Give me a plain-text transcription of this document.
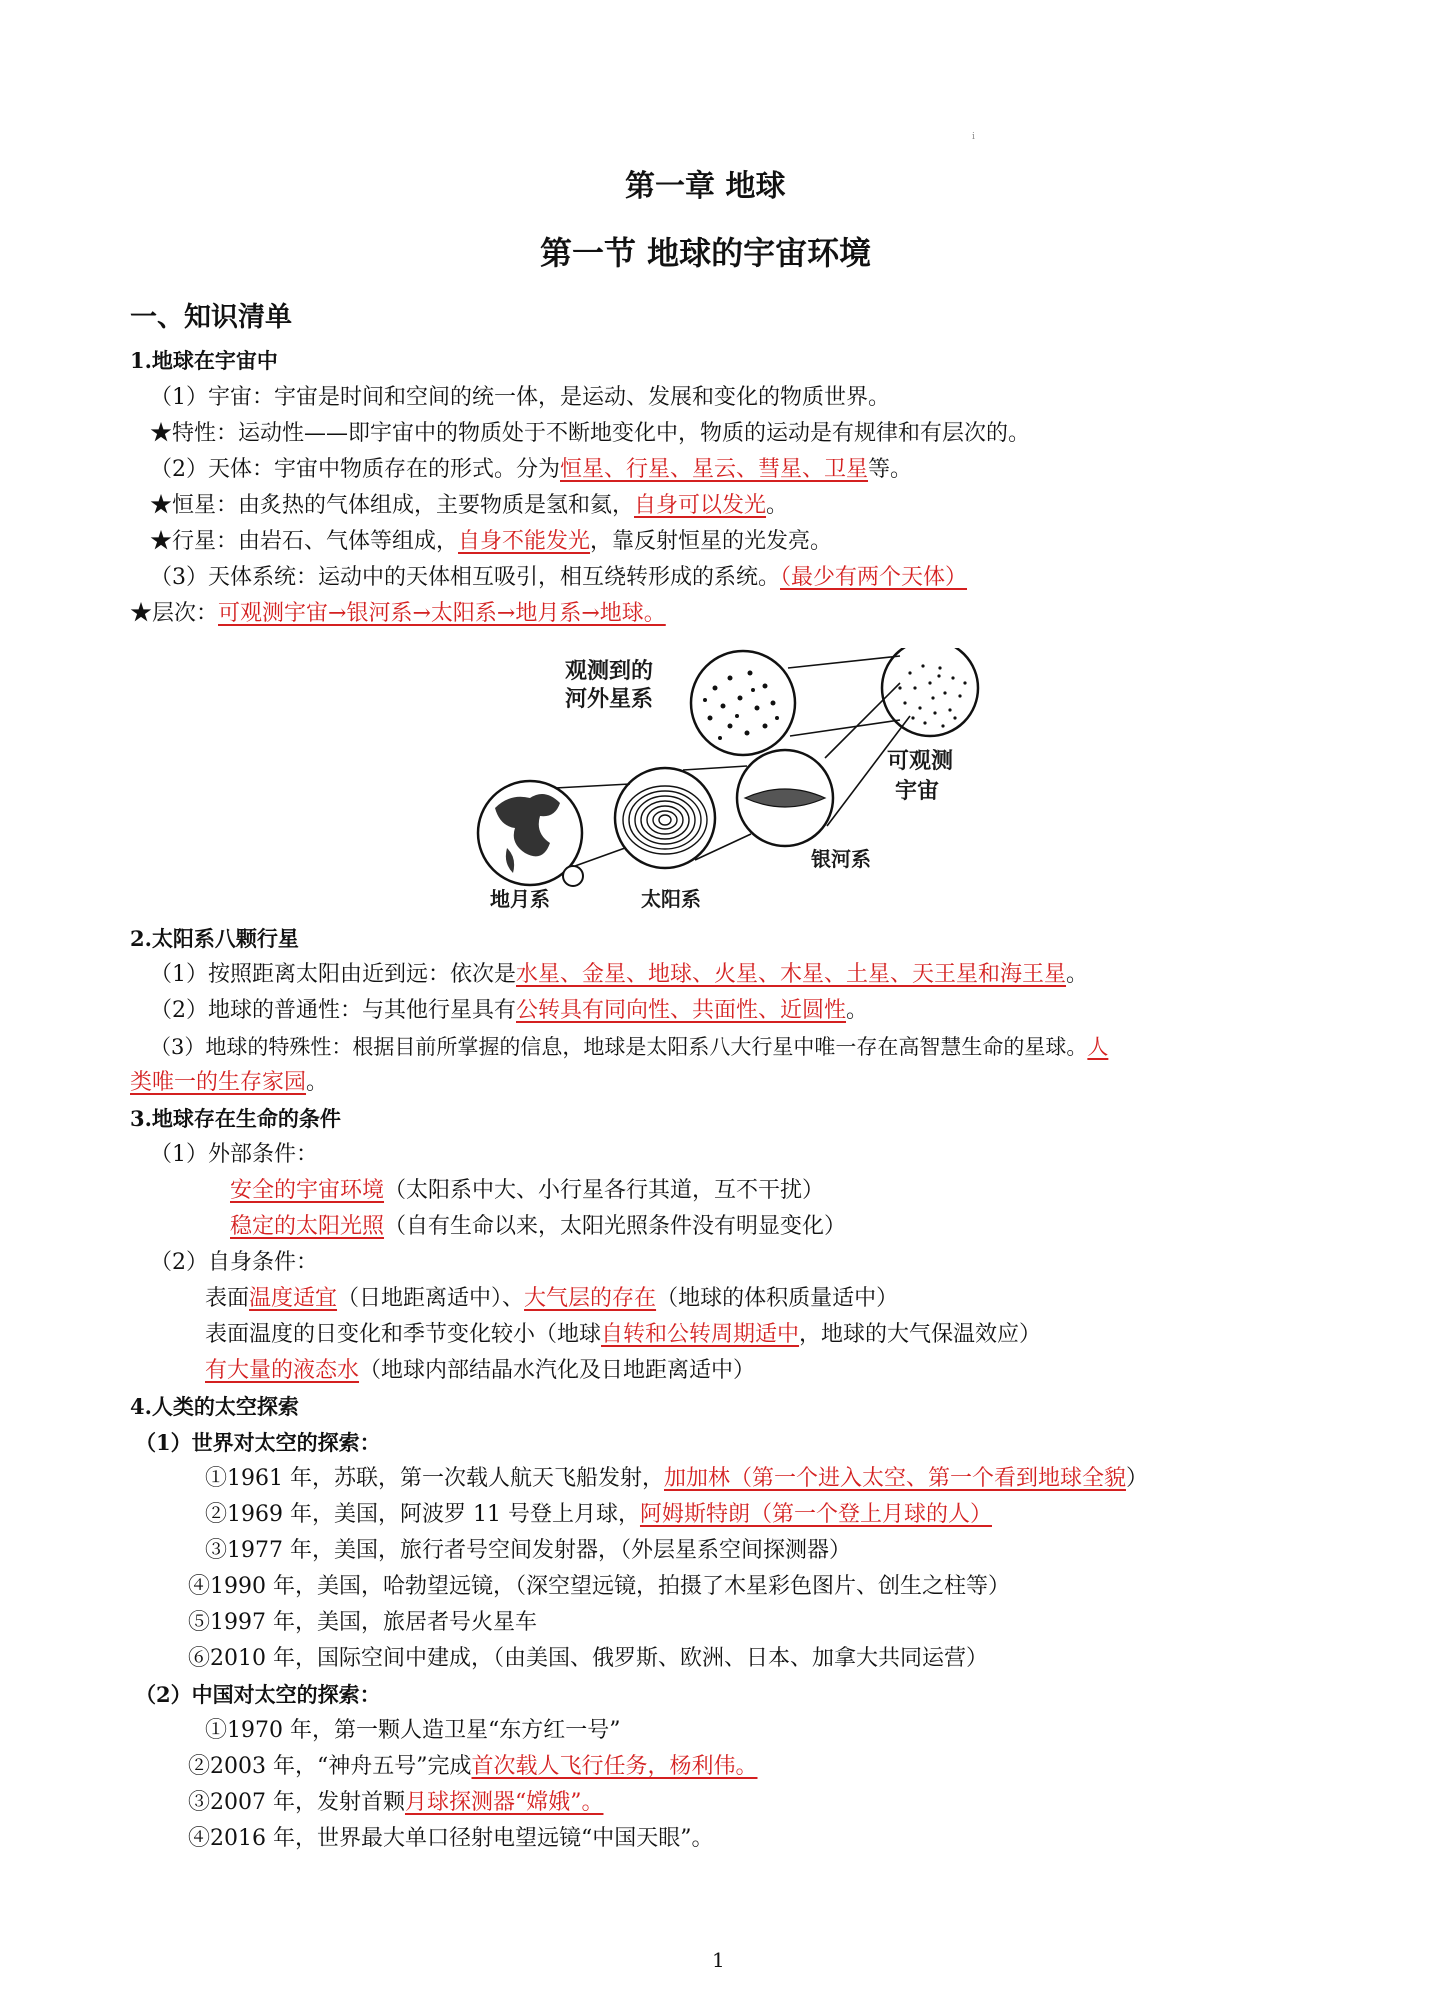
i
第一章 地球
第一节 地球的宇宙环境
一、知识清单
1.地球在宇宙中
（1）宇宙：宇宙是时间和空间的统一体，是运动、发展和变化的物质世界。
★特性：运动性——即宇宙中的物质处于不断地变化中，物质的运动是有规律和有层次的。
（2）天体：宇宙中物质存在的形式。分为恒星、行星、星云、彗星、卫星等。
★恒星：由炙热的气体组成，主要物质是氢和氦，自身可以发光。
★行星：由岩石、气体等组成，自身不能发光，靠反射恒星的光发亮。
（3）天体系统：运动中的天体相互吸引，相互绕转形成的系统。（最少有两个天体）
★层次：可观测宇宙→银河系→太阳系→地月系→地球。
观测到的
河外星系
可观测
宇宙
银河系
地月系	太阳系
2.太阳系八颗行星
（1）按照距离太阳由近到远：依次是水星、金星、地球、火星、木星、土星、天王星和海王星。
（2）地球的普通性：与其他行星具有公转具有同向性、共面性、近圆性。
（3）地球的特殊性：根据目前所掌握的信息，地球是太阳系八大行星中唯一存在高智慧生命的星球。人
类唯一的生存家园。
3.地球存在生命的条件
（1）外部条件：
安全的宇宙环境（太阳系中大、小行星各行其道，互不干扰）
稳定的太阳光照（自有生命以来，太阳光照条件没有明显变化）
（2）自身条件：
表面温度适宜（日地距离适中）、大气层的存在（地球的体积质量适中）
表面温度的日变化和季节变化较小（地球自转和公转周期适中，地球的大气保温效应）
有大量的液态水（地球内部结晶水汽化及日地距离适中）
4.人类的太空探索
（1）世界对太空的探索：
①1961 年，苏联，第一次载人航天飞船发射，加加林（第一个进入太空、第一个看到地球全貌）
②1969 年，美国，阿波罗 11 号登上月球，阿姆斯特朗（第一个登上月球的人）
③1977 年，美国，旅行者号空间发射器，（外层星系空间探测器）
④1990 年，美国，哈勃望远镜，（深空望远镜，拍摄了木星彩色图片、创生之柱等）
⑤1997 年，美国，旅居者号火星车
⑥2010 年，国际空间中建成，（由美国、俄罗斯、欧洲、日本、加拿大共同运营）
（2）中国对太空的探索：
①1970 年，第一颗人造卫星“东方红一号”
②2003 年，“神舟五号”完成首次载人飞行任务，杨利伟。
③2007 年，发射首颗月球探测器“嫦娥”。
④2016 年，世界最大单口径射电望远镜“中国天眼”。
1
